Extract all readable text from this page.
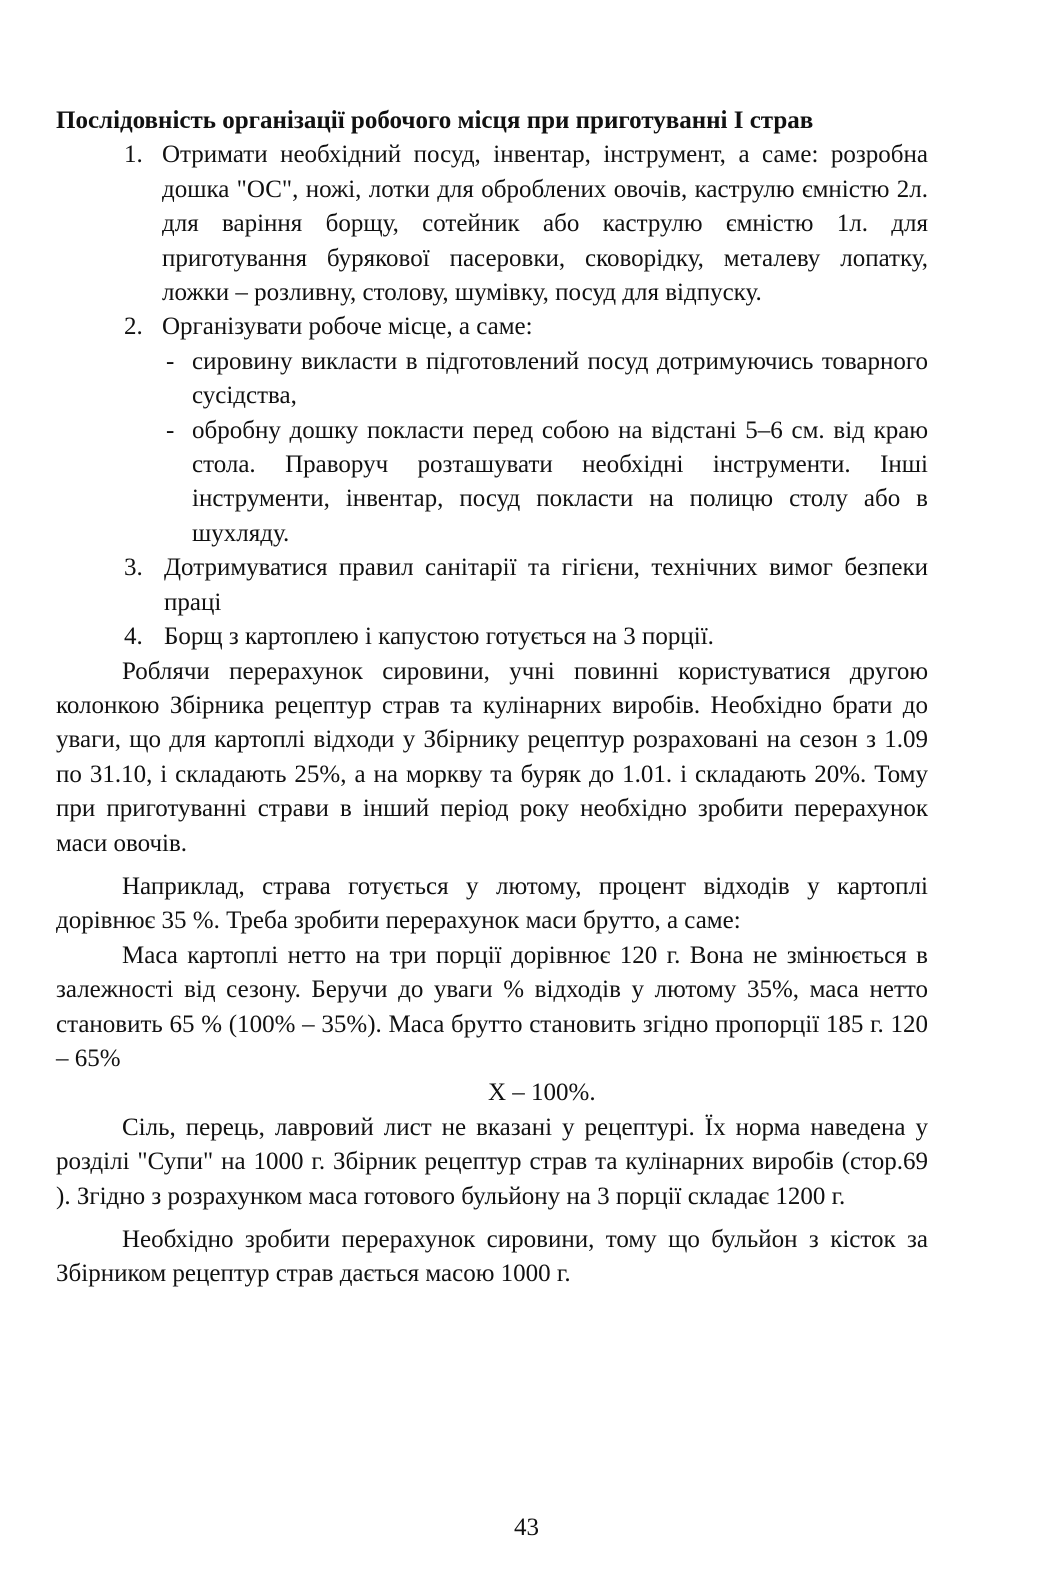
Послідовність організації робочого місця при приготуванні І страв

1. Отримати необхідний посуд, інвентар, інструмент, а саме: розробна дошка "ОС", ножі, лотки для оброблених овочів, каструлю ємністю 2л. для варіння борщу, сотейник або каструлю ємністю 1л. для приготування бурякової пасеровки, сковорідку, металеву лопатку, ложки – розливну, столову, шумівку, посуд для відпуску.
2. Організувати робоче місце, а саме:
- сировину викласти в підготовлений посуд дотримуючись товарного сусідства,
- обробну дошку покласти перед собою на відстані 5–6 см. від краю стола. Праворуч розташувати необхідні інструменти. Інші інструменти, інвентар, посуд покласти на полицю столу або в шухляду.
3. Дотримуватися правил санітарії та гігієни, технічних вимог безпеки праці
4. Борщ з картоплею і капустою готується на 3 порції.

Роблячи перерахунок сировини, учні повинні користуватися другою колонкою Збірника рецептур страв та кулінарних виробів. Необхідно брати до уваги, що для картоплі відходи у Збірнику рецептур розраховані на сезон з 1.09 по 31.10, і складають 25%, а на моркву та буряк до 1.01. і складають 20%. Тому при приготуванні страви в інший період року необхідно зробити перерахунок маси овочів.

Наприклад, страва готується у лютому, процент відходів у картоплі дорівнює 35 %. Треба зробити перерахунок маси брутто, а саме:

Маса картоплі нетто на три порції дорівнює 120 г. Вона не змінюється в залежності від сезону. Беручи до уваги % відходів у лютому 35%, маса нетто становить 65 % (100% – 35%). Маса брутто становить згідно пропорції 185 г. 120 – 65%

Х – 100%.

Сіль, перець, лавровий лист не вказані у рецептурі. Їх норма наведена у розділі "Супи" на 1000 г. Збірник рецептур страв та кулінарних виробів (стор.69 ). Згідно з розрахунком маса готового бульйону на 3 порції складає 1200 г.

Необхідно зробити перерахунок сировини, тому що бульйон з кісток за Збірником рецептур страв дається масою 1000 г.

43
